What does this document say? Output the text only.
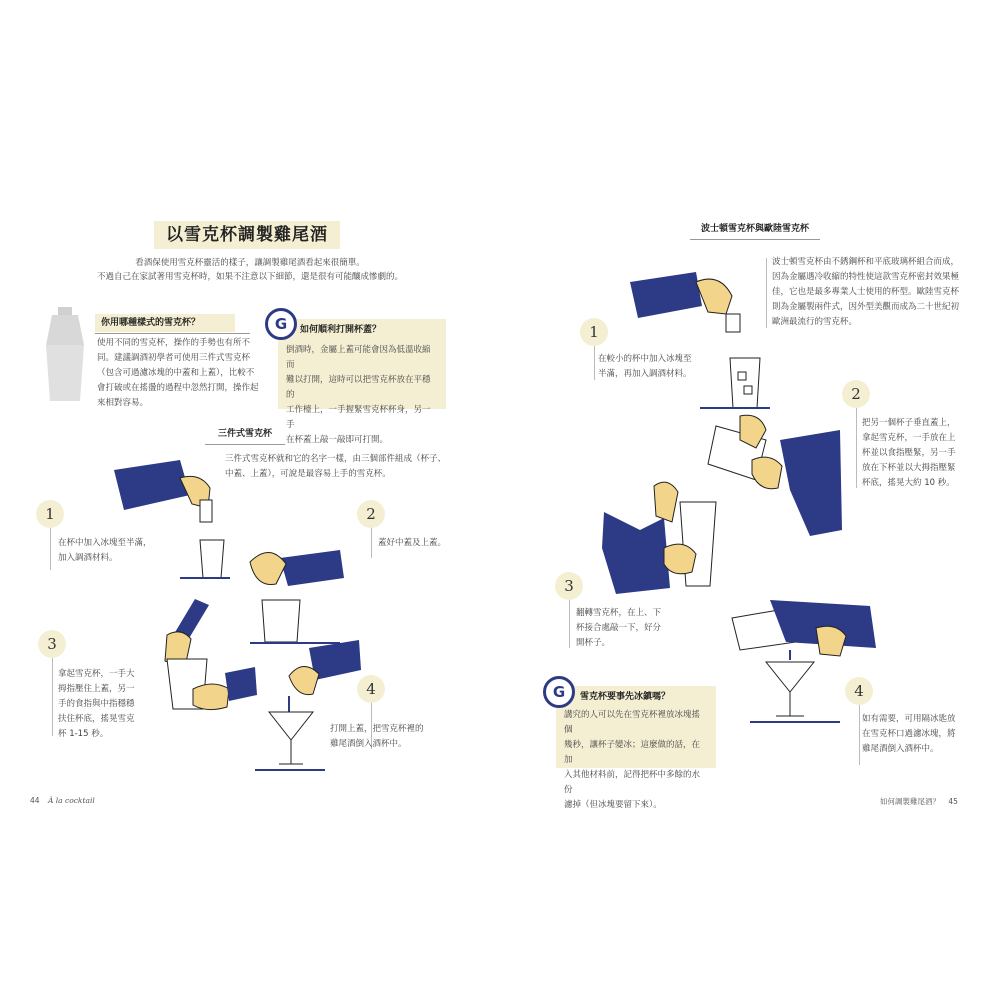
以雪克杯調製雞尾酒
看酒保使用雪克杯靈活的樣子，讓調製雞尾酒看起來很簡單。
不過自己在家試著用雪克杯時，如果不注意以下細節，還是很有可能釀成慘劇的。
你用哪種樣式的雪克杯？
使用不同的雪克杯，操作的手勢也有所不
同。建議調酒初學者可使用三件式雪克杯
（包含可過濾冰塊的中蓋和上蓋），比較不
會打破或在搖盪的過程中忽然打開，操作起
來相對容易。
如何順利打開杯蓋？
倒酒時，金屬上蓋可能會因為低溫收縮而
難以打開，這時可以把雪克杯放在平穩的
工作檯上，一手握緊雪克杯杯身，另一手
在杯蓋上敲一敲即可打開。
G
三件式雪克杯
三件式雪克杯就和它的名字一樣，由三個部件組成（杯子、
中蓋、上蓋），可說是最容易上手的雪克杯。
1
在杯中加入冰塊至半滿，
加入調酒材料。
2
蓋好中蓋及上蓋。
3
拿起雪克杯，一手大
拇指壓住上蓋，另一
手的食指與中指穩穩
扶住杯底，搖晃雪克
杯 1-15 秒。
4
打開上蓋，把雪克杯裡的
雞尾酒倒入酒杯中。
44 À la cocktail
波士頓雪克杯與歐陸雪克杯
波士頓雪克杯由不銹鋼杯和平底玻璃杯組合而成，
因為金屬遇冷收縮的特性使這款雪克杯密封效果極
佳，它也是最多專業人士使用的杯型。歐陸雪克杯
則為金屬製兩件式，因外型美觀而成為二十世紀初
歐洲最流行的雪克杯。
1
在較小的杯中加入冰塊至
半滿，再加入調酒材料。
2
把另一個杯子垂直蓋上，
拿起雪克杯，一手放在上
杯並以食指壓緊，另一手
放在下杯並以大拇指壓緊
杯底，搖晃大約 10 秒。
3
翻轉雪克杯，在上、下
杯接合處敲一下，好分
開杯子。
4
如有需要，可用隔冰匙放
在雪克杯口過濾冰塊，將
雞尾酒倒入酒杯中。
雪克杯要事先冰鎮嗎？
講究的人可以先在雪克杯裡放冰塊搖個
幾秒，讓杯子變冰；這麼做的話，在加
入其他材料前，記得把杯中多餘的水份
濾掉（但冰塊要留下來）。
G
如何調製雞尾酒？ 45
